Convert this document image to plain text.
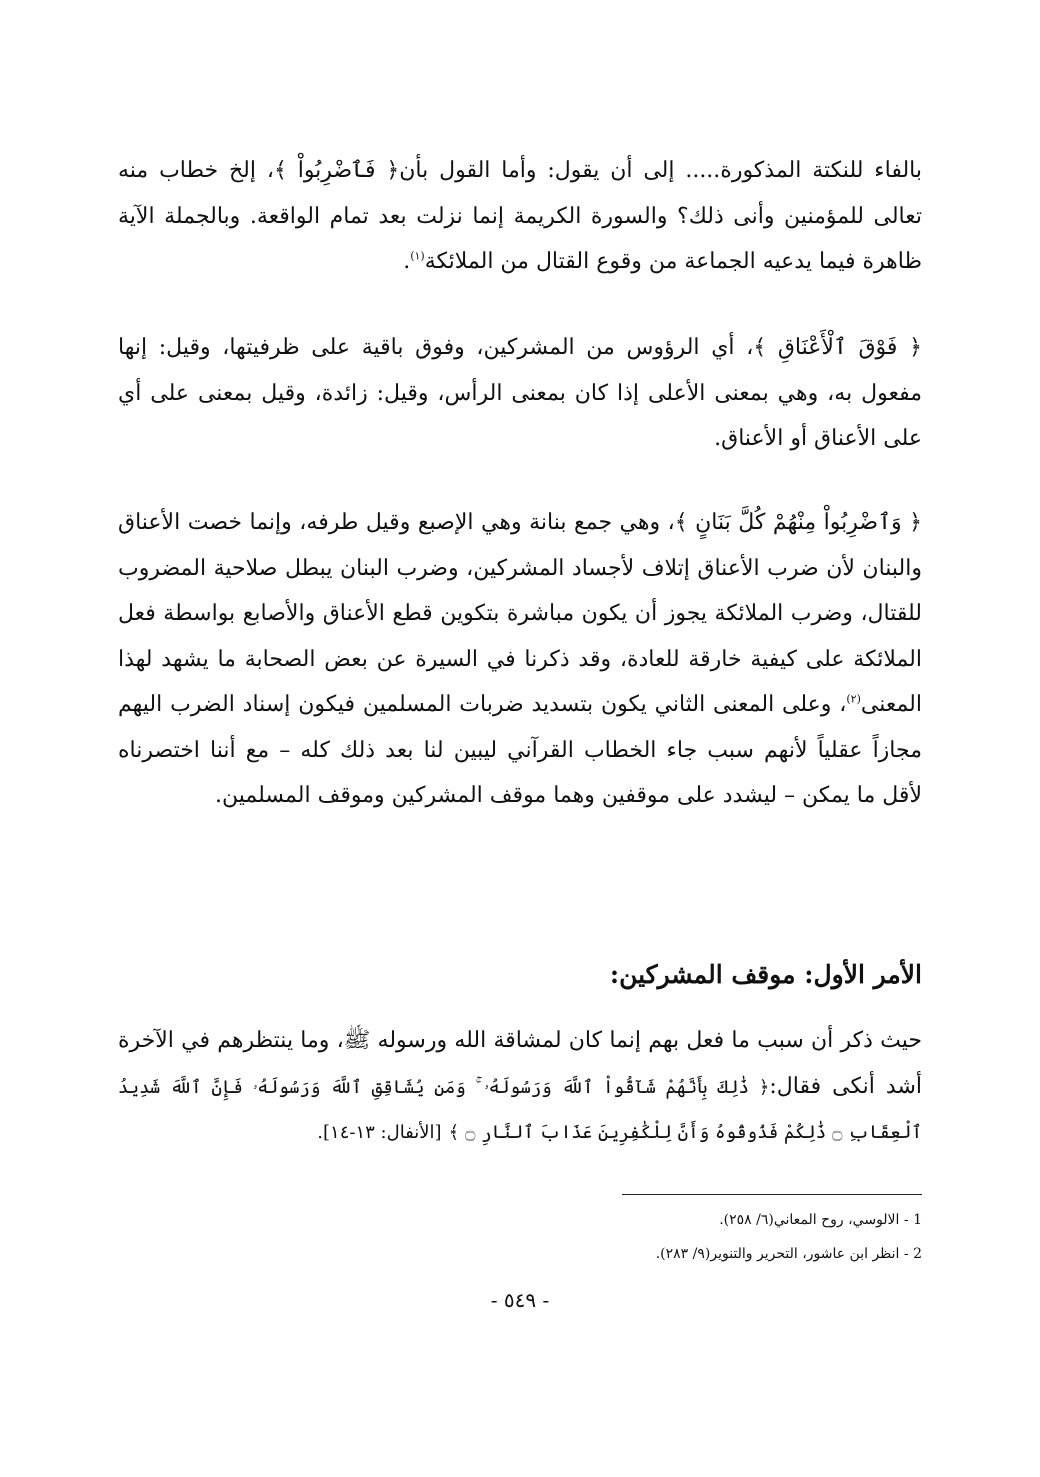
بالفاء للنكتة المذكورة..... إلى أن يقول: وأما القول بأن﴿ فَٱضْرِبُواْ ﴾، إلخ خطاب منه تعالى للمؤمنين وأنى ذلك؟ والسورة الكريمة إنما نزلت بعد تمام الواقعة. وبالجملة الآية ظاهرة فيما يدعيه الجماعة من وقوع القتال من الملائكة$^{(١)}$.

﴿ فَوْقَ ٱلْأَعْنَاقِ ﴾، أي الرؤوس من المشركين، وفوق باقية على ظرفيتها، وقيل: إنها مفعول به، وهي بمعنى الأعلى إذا كان بمعنى الرأس، وقيل: زائدة، وقيل بمعنى على أي على الأعناق أو الأعناق.

﴿ وَٱضْرِبُواْ مِنْهُمْ كُلَّ بَنَانٍ ﴾، وهي جمع بنانة وهي الإصبع وقيل طرفه، وإنما خصت الأعناق والبنان لأن ضرب الأعناق إتلاف لأجساد المشركين، وضرب البنان يبطل صلاحية المضروب للقتال، وضرب الملائكة يجوز أن يكون مباشرة بتكوين قطع الأعناق والأصابع بواسطة فعل الملائكة على كيفية خارقة للعادة، وقد ذكرنا في السيرة عن بعض الصحابة ما يشهد لهذا المعنى$^{(٢)}$، وعلى المعنى الثاني يكون بتسديد ضربات المسلمين فيكون إسناد الضرب اليهم مجازاً عقلياً لأنهم سبب جاء الخطاب القرآني ليبين لنا بعد ذلك كله – مع أننا اختصرناه لأقل ما يمكن – ليشدد على موقفين وهما موقف المشركين وموقف المسلمين.

الأمر الأول: موقف المشركين:

حيث ذكر أن سبب ما فعل بهم إنما كان لمشاقة الله ورسوله ﷺ، وما ينتظرهم في الآخرة أشد أنكى فقال:﴿ ذَٰلِكَ بِأَنَّهُمْ شَآقُّواْ ٱللَّهَ وَرَسُولَهُۥ ۚ وَمَن يُشَاقِقِ ٱللَّهَ وَرَسُولَهُۥ فَإِنَّ ٱللَّهَ شَدِيدُ ٱلْعِقَابِ ۝ ذَٰلِكُمْ فَذُوقُوهُ وَأَنَّ لِلْكَٰفِرِينَ عَذَابَ ٱلنَّارِ ۝ ﴾ [الأنفال: ١٣-١٤].

1 - الالوسي، روح المعاني(٦/ ٢٥٨).

2 - انظر ابن عاشور، التحرير والتنوير(٩/ ٢٨٣).

- ٥٤٩ -
